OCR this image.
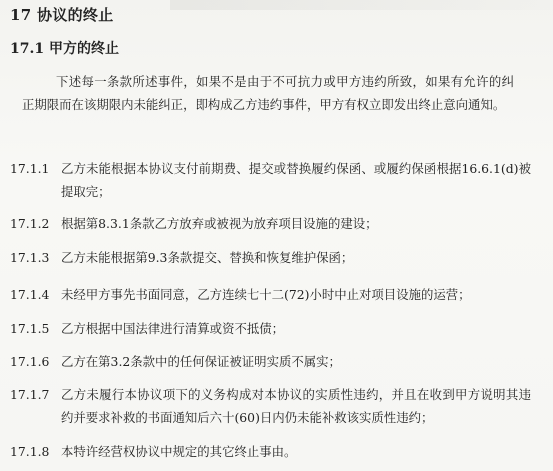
17 协议的终止
17.1 甲方的终止
下述每一条款所述事件，如果不是由于不可抗力或甲方违约所致，如果有允许的纠正期限而在该期限内未能纠正，即构成乙方违约事件，甲方有权立即发出终止意向通知。
17.1.1 乙方未能根据本协议支付前期费、提交或替换履约保函、或履约保函根据16.6.1(d)被提取完；
17.1.2 根据第8.3.1条款乙方放弃或被视为放弃项目设施的建设；
17.1.3 乙方未能根据第9.3条款提交、替换和恢复维护保函；
17.1.4 未经甲方事先书面同意，乙方连续七十二(72)小时中止对项目设施的运营；
17.1.5 乙方根据中国法律进行清算或资不抵债；
17.1.6 乙方在第3.2条款中的任何保证被证明实质不属实；
17.1.7 乙方未履行本协议项下的义务构成对本协议的实质性违约，并且在收到甲方说明其违约并要求补救的书面通知后六十(60)日内仍未能补救该实质性违约；
17.1.8 本特许经营权协议中规定的其它终止事由。
